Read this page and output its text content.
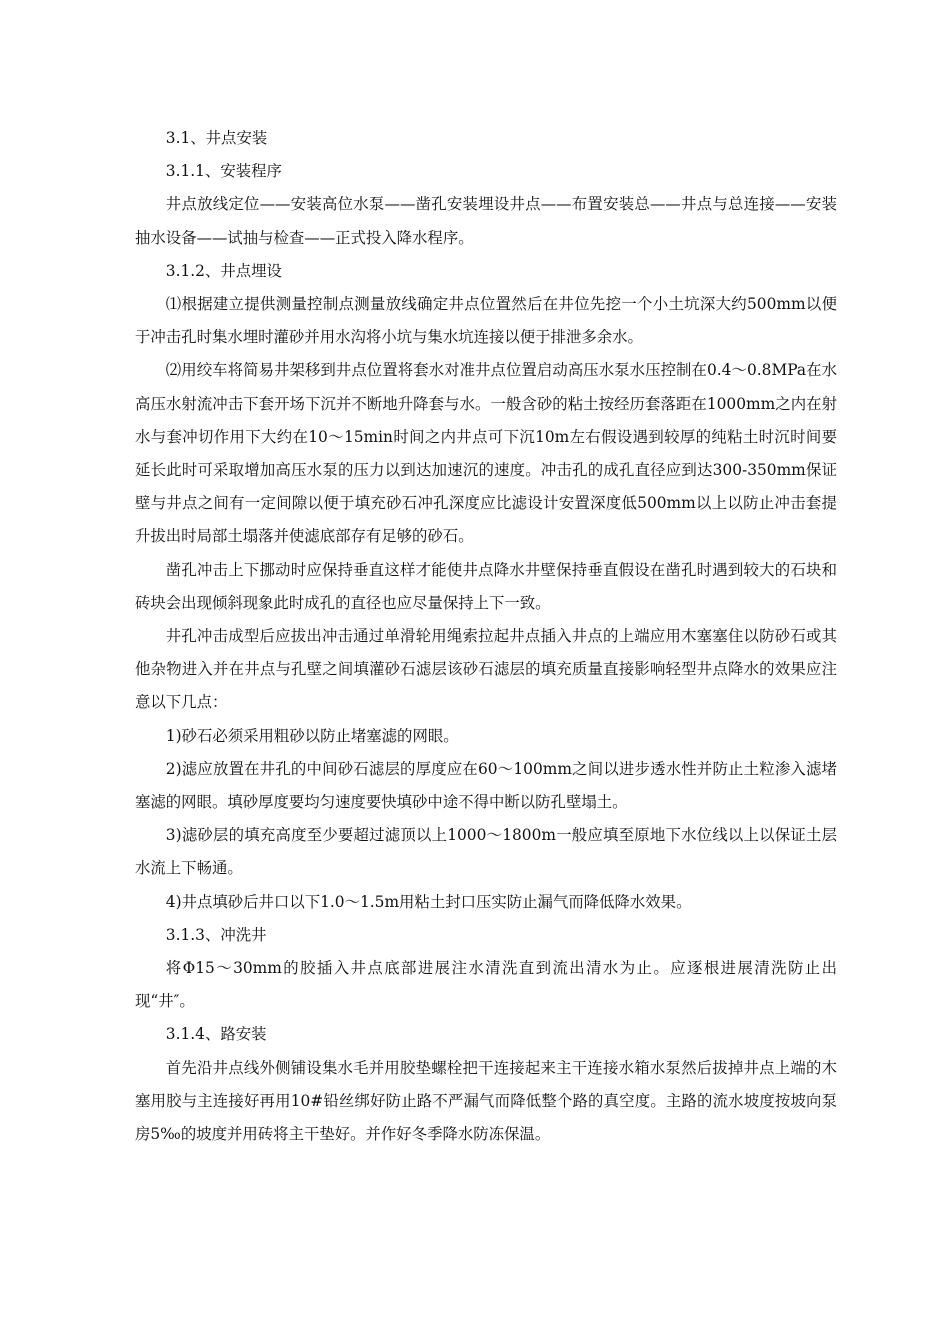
3.1、井点安装

3.1.1、安装程序

井点放线定位——安装高位水泵——凿孔安装埋设井点——布置安装总——井点与总连接——安装抽水设备——试抽与检查——正式投入降水程序。

3.1.2、井点埋设

⑴根据建立提供测量控制点测量放线确定井点位置然后在井位先挖一个小土坑深大约500mm以便于冲击孔时集水埋时灌砂并用水沟将小坑与集水坑连接以便于排泄多余水。

⑵用绞车将简易井架移到井点位置将套水对准井点位置启动高压水泵水压控制在0.4～0.8MPa在水高压水射流冲击下套开场下沉并不断地升降套与水。一般含砂的粘土按经历套落距在1000mm之内在射水与套冲切作用下大约在10～15min时间之内井点可下沉10m左右假设遇到较厚的纯粘土时沉时间要延长此时可采取增加高压水泵的压力以到达加速沉的速度。冲击孔的成孔直径应到达300-350mm保证壁与井点之间有一定间隙以便于填充砂石冲孔深度应比滤设计安置深度低500mm以上以防止冲击套提升拔出时局部土塌落并使滤底部存有足够的砂石。

凿孔冲击上下挪动时应保持垂直这样才能使井点降水井壁保持垂直假设在凿孔时遇到较大的石块和砖块会出现倾斜现象此时成孔的直径也应尽量保持上下一致。

井孔冲击成型后应拔出冲击通过单滑轮用绳索拉起井点插入井点的上端应用木塞塞住以防砂石或其他杂物进入并在井点与孔壁之间填灌砂石滤层该砂石滤层的填充质量直接影响轻型井点降水的效果应注意以下几点：

1)砂石必须采用粗砂以防止堵塞滤的网眼。

2)滤应放置在井孔的中间砂石滤层的厚度应在60～100mm之间以进步透水性并防止土粒渗入滤堵塞滤的网眼。填砂厚度要均匀速度要快填砂中途不得中断以防孔壁塌土。

3)滤砂层的填充高度至少要超过滤顶以上1000～1800m一般应填至原地下水位线以上以保证土层水流上下畅通。

4)井点填砂后井口以下1.0～1.5m用粘土封口压实防止漏气而降低降水效果。

3.1.3、冲洗井

将Φ15～30mm的胶插入井点底部进展注水清洗直到流出清水为止。应逐根进展清洗防止出现“井″。

3.1.4、路安装

首先沿井点线外侧铺设集水毛并用胶垫螺栓把干连接起来主干连接水箱水泵然后拔掉井点上端的木塞用胶与主连接好再用10#铅丝绑好防止路不严漏气而降低整个路的真空度。主路的流水坡度按坡向泵房5‰的坡度并用砖将主干垫好。并作好冬季降水防冻保温。
